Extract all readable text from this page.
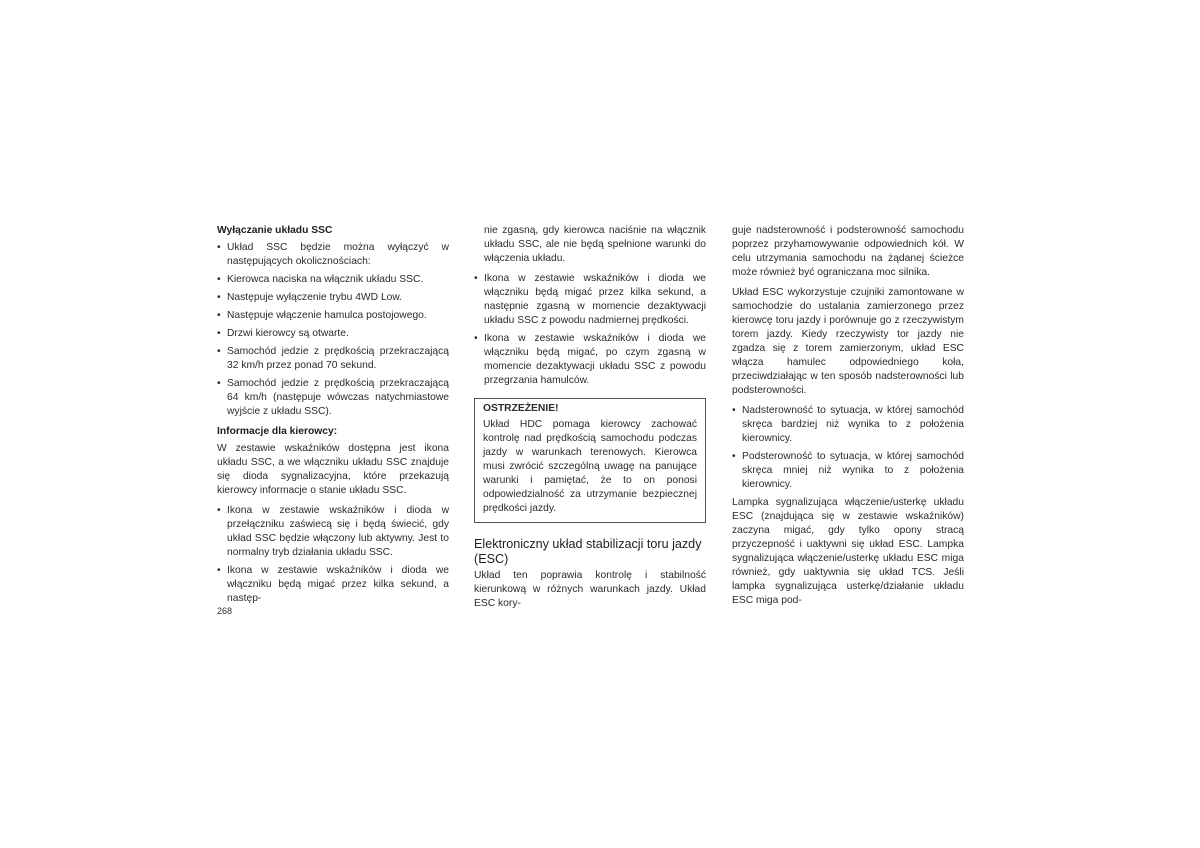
Wyłączanie układu SSC
• Układ SSC będzie można wyłączyć w następujących okolicznościach:
• Kierowca naciska na włącznik układu SSC.
• Następuje wyłączenie trybu 4WD Low.
• Następuje włączenie hamulca postojowego.
• Drzwi kierowcy są otwarte.
• Samochód jedzie z prędkością przekraczającą 32 km/h przez ponad 70 sekund.
• Samochód jedzie z prędkością przekraczającą 64 km/h (następuje wówczas natychmiastowe wyjście z układu SSC).
Informacje dla kierowcy:

W zestawie wskaźników dostępna jest ikona układu SSC, a we włączniku układu SSC znajduje się dioda sygnalizacyjna, które przekazują kierowcy informacje o stanie układu SSC.

• Ikona w zestawie wskaźników i dioda w przełączniku zaświecą się i będą świecić, gdy układ SSC będzie włączony lub aktywny. Jest to normalny tryb działania układu SSC.
• Ikona w zestawie wskaźników i dioda we włączniku będą migać przez kilka sekund, a następ-

nie zgasną, gdy kierowca naciśnie na włącznik układu SSC, ale nie będą spełnione warunki do włączenia układu.

• Ikona w zestawie wskaźników i dioda we włączniku będą migać przez kilka sekund, a następnie zgasną w momencie dezaktywacji układu SSC z powodu nadmiernej prędkości.
• Ikona w zestawie wskaźników i dioda we włączniku będą migać, po czym zgasną w momencie dezaktywacji układu SSC z powodu przegrzania hamulców.
OSTRZEŻENIE!

Układ HDC pomaga kierowcy zachować kontrolę nad prędkością samochodu podczas jazdy w warunkach terenowych. Kierowca musi zwrócić szczególną uwagę na panujące warunki i pamiętać, że to on ponosi odpowiedzialność za utrzymanie bezpiecznej prędkości jazdy.

Elektroniczny układ stabilizacji toru jazdy (ESC)

Układ ten poprawia kontrolę i stabilność kierunkową w różnych warunkach jazdy. Układ ESC kory-

guje nadsterowność i podsterowność samochodu poprzez przyhamowywanie odpowiednich kół. W celu utrzymania samochodu na żądanej ścieżce może również być ograniczana moc silnika.

Układ ESC wykorzystuje czujniki zamontowane w samochodzie do ustalania zamierzonego przez kierowcę toru jazdy i porównuje go z rzeczywistym torem jazdy. Kiedy rzeczywisty tor jazdy nie zgadza się z torem zamierzonym, układ ESC włącza hamulec odpowiedniego koła, przeciwdziałając w ten sposób nadsterowności lub podsterowności.

• Nadsterowność to sytuacja, w której samochód skręca bardziej niż wynika to z położenia kierownicy.
• Podsterowność to sytuacja, w której samochód skręca mniej niż wynika to z położenia kierownicy.

Lampka sygnalizująca włączenie/usterkę układu ESC (znajdująca się w zestawie wskaźników) zaczyna migać, gdy tylko opony stracą przyczepność i uaktywni się układ ESC. Lampka sygnalizująca włączenie/usterkę układu ESC miga również, gdy uaktywnia się układ TCS. Jeśli lampka sygnalizująca usterkę/działanie układu ESC miga pod-

268
